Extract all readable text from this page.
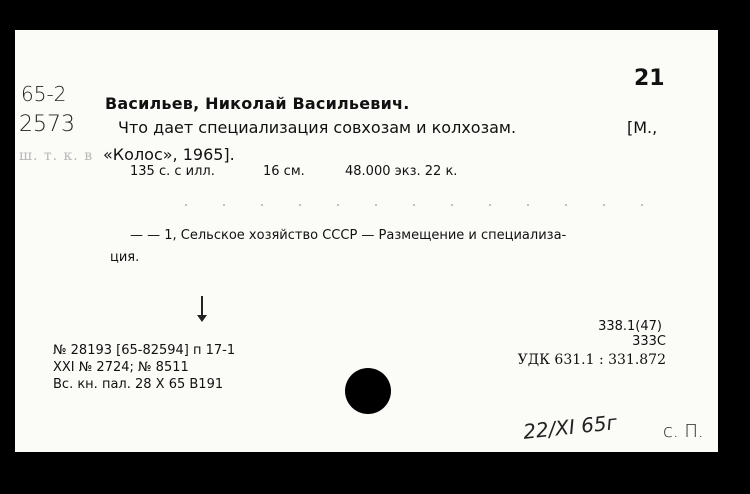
65-2
2573
ш. т. к. в
21
Васильев, Николай Васильевич.
Что дает специализация совхозам и колхозам.	[М.,
«Колос», 1965].
135 с. с илл.	16 см.	48.000 экз. 22 к.
— — 1, Сельское хозяйство СССР — Размещение и специализа-
ция.
338.1(47)
333С
УДК 631.1 : 331.872
№ 28193 [65-82594] п 17-1
XXI № 2724; № 8511
Вс. кн. пал. 28 X 65 В191
22/XI 65г с. П.
